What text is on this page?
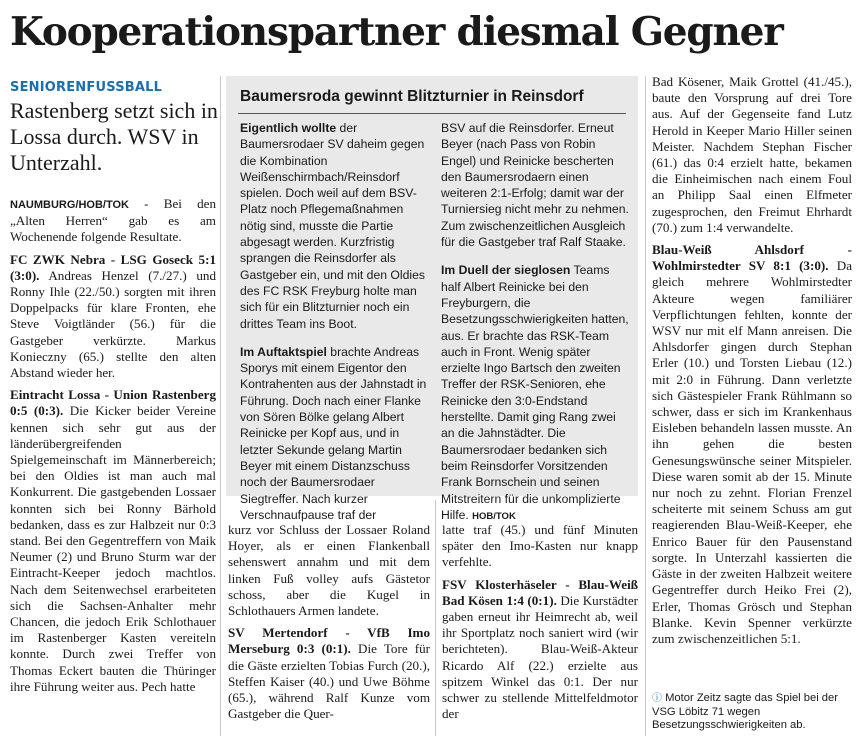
Kooperationspartner diesmal Gegner
SENIORENFUSSBALL
Rastenberg setzt sich in Lossa durch. WSV in Unterzahl.

NAUMBURG/HOB/TOK - Bei den „Alten Herren“ gab es am Wochenende folgende Resultate.

FC ZWK Nebra - LSG Goseck 5:1 (3:0). Andreas Henzel (7./27.) und Ronny Ihle (22./50.) sorgten mit ihren Doppelpacks für klare Fronten, ehe Steve Voigtländer (56.) für die Gastgeber verkürzte. Markus Konieczny (65.) stellte den alten Abstand wieder her.

Eintracht Lossa - Union Rastenberg 0:5 (0:3). Die Kicker beider Vereine kennen sich sehr gut aus der länderübergreifenden Spielgemeinschaft im Männerbereich; bei den Oldies ist man auch mal Konkurrent. Die gastgebenden Lossaer konnten sich bei Ronny Bärhold bedanken, dass es zur Halbzeit nur 0:3 stand. Bei den Gegentreffern von Maik Neumer (2) und Bruno Sturm war der Eintracht-Keeper jedoch machtlos. Nach dem Seitenwechsel erarbeiteten sich die Sachsen-Anhalter mehr Chancen, die jedoch Erik Schlothauer im Rastenberger Kasten vereiteln konnte. Durch zwei Treffer von Thomas Eckert bauten die Thüringer ihre Führung weiter aus. Pech hatte

Baumersroda gewinnt Blitzturnier in Reinsdorf

Eigentlich wollte der Baumersrodaer SV daheim gegen die Kombination Weißenschirmbach/Reinsdorf spielen. Doch weil auf dem BSV-Platz noch Pflegemaßnahmen nötig sind, musste die Partie abgesagt werden. Kurzfristig sprangen die Reinsdorfer als Gastgeber ein, und mit den Oldies des FC RSK Freyburg holte man sich für ein Blitzturnier noch ein drittes Team ins Boot.

Im Auftaktspiel brachte Andreas Sporys mit einem Eigentor den Kontrahenten aus der Jahnstadt in Führung. Doch nach einer Flanke von Sören Bölke gelang Albert Reinicke per Kopf aus, und in letzter Sekunde gelang Martin Beyer mit einem Distanzschuss noch der Baumersrodaer Siegtreffer. Nach kurzer Verschnaufpause traf der

BSV auf die Reinsdorfer. Erneut Beyer (nach Pass von Robin Engel) und Reinicke bescherten den Baumersrodaern einen weiteren 2:1-Erfolg; damit war der Turniersieg nicht mehr zu nehmen. Zum zwischenzeitlichen Ausgleich für die Gastgeber traf Ralf Staake.

Im Duell der sieglosen Teams half Albert Reinicke bei den Freyburgern, die Besetzungsschwierigkeiten hatten, aus. Er brachte das RSK-Team auch in Front. Wenig später erzielte Ingo Bartsch den zweiten Treffer der RSK-Senioren, ehe Reinicke den 3:0-Endstand herstellte. Damit ging Rang zwei an die Jahnstädter. Die Baumersrodaer bedanken sich beim Reinsdorfer Vorsitzenden Frank Bornschein und seinen Mitstreitern für die unkomplizierte Hilfe. HOB/TOK

kurz vor Schluss der Lossaer Roland Hoyer, als er einen Flankenball sehenswert annahm und mit dem linken Fuß volley aufs Gästetor schoss, aber die Kugel in Schlothauers Armen landete.

SV Mertendorf - VfB Imo Merseburg 0:3 (0:1). Die Tore für die Gäste erzielten Tobias Furch (20.), Steffen Kaiser (40.) und Uwe Böhme (65.), während Ralf Kunze vom Gastgeber die Quer-

latte traf (45.) und fünf Minuten später den Imo-Kasten nur knapp verfehlte.

FSV Klosterhäseler - Blau-Weiß Bad Kösen 1:4 (0:1). Die Kurstädter gaben erneut ihr Heimrecht ab, weil ihr Sportplatz noch saniert wird (wir berichteten). Blau-Weiß-Akteur Ricardo Alf (22.) erzielte aus spitzem Winkel das 0:1. Der nur schwer zu stellende Mittelfeldmotor der

Bad Kösener, Maik Grottel (41./45.), baute den Vorsprung auf drei Tore aus. Auf der Gegenseite fand Lutz Herold in Keeper Mario Hiller seinen Meister. Nachdem Stephan Fischer (61.) das 0:4 erzielt hatte, bekamen die Einheimischen nach einem Foul an Philipp Saal einen Elfmeter zugesprochen, den Freimut Ehrhardt (70.) zum 1:4 verwandelte.

Blau-Weiß Ahlsdorf - Wohlmirstedter SV 8:1 (3:0). Da gleich mehrere Wohlmirstedter Akteure wegen familiärer Verpflichtungen fehlten, konnte der WSV nur mit elf Mann anreisen. Die Ahlsdorfer gingen durch Stephan Erler (10.) und Torsten Liebau (12.) mit 2:0 in Führung. Dann verletzte sich Gästespieler Frank Rühlmann so schwer, dass er sich im Krankenhaus Eisleben behandeln lassen musste. An ihn gehen die besten Genesungswünsche seiner Mitspieler. Diese waren somit ab der 15. Minute nur noch zu zehnt. Florian Frenzel scheiterte mit seinem Schuss am gut reagierenden Blau-Weiß-Keeper, ehe Enrico Bauer für den Pausenstand sorgte. In Unterzahl kassierten die Gäste in der zweiten Halbzeit weitere Gegentreffer durch Heiko Frei (2), Erler, Thomas Grösch und Stephan Blanke. Kevin Spenner verkürzte zum zwischenzeitlichen 5:1.

ⓘ Motor Zeitz sagte das Spiel bei der VSG Löbitz 71 wegen Besetzungsschwierigkeiten ab.
